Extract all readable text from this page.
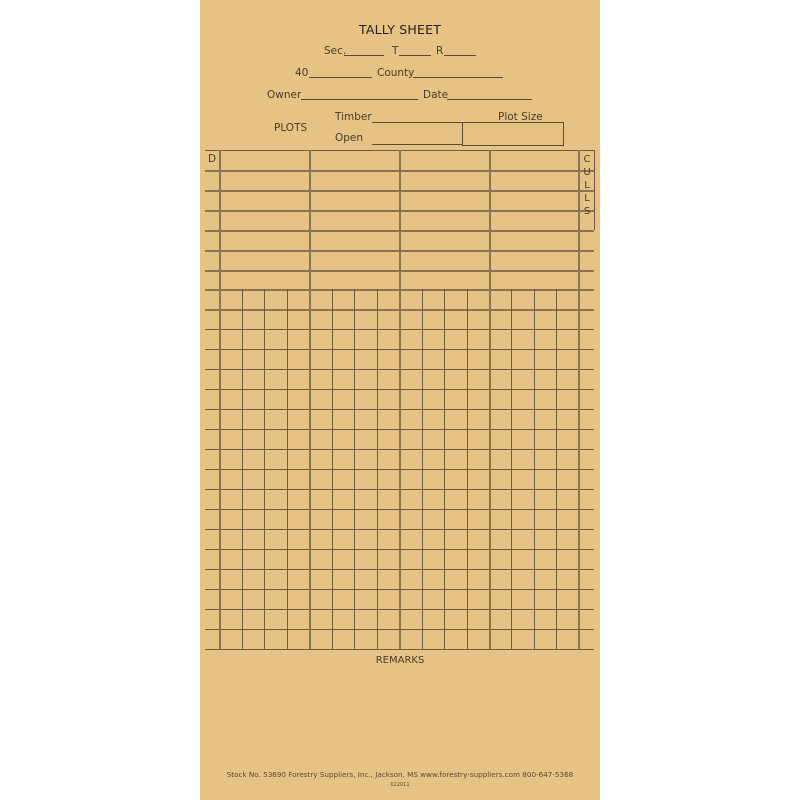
TALLY SHEET
Sec.	T	R
40	County
Owner	Date
PLOTS
Timber
Open
Plot Size
D	C
U
L
L
S
REMARKS
Stock No. 53690 Forestry Suppliers, Inc., Jackson, MS www.forestry-suppliers.com 800-647-5368
022011
